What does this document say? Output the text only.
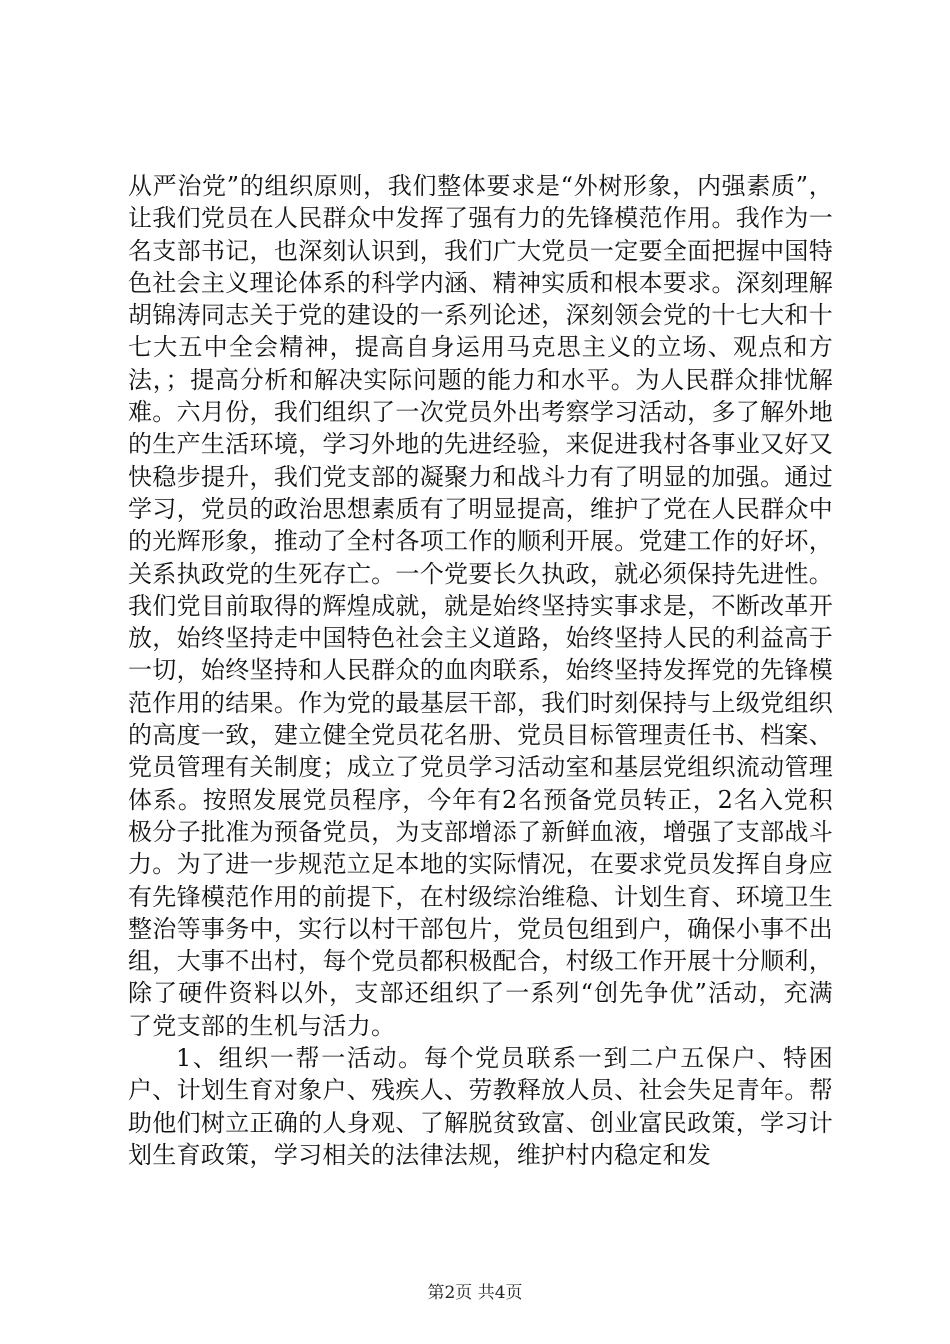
从严治党”的组织原则，我们整体要求是“外树形象，内强素质”，让我们党员在人民群众中发挥了强有力的先锋模范作用。我作为一名支部书记，也深刻认识到，我们广大党员一定要全面把握中国特色社会主义理论体系的科学内涵、精神实质和根本要求。深刻理解胡锦涛同志关于党的建设的一系列论述，深刻领会党的十七大和十七大五中全会精神，提高自身运用马克思主义的立场、观点和方法，；提高分析和解决实际问题的能力和水平。为人民群众排忧解难。六月份，我们组织了一次党员外出考察学习活动，多了解外地的生产生活环境，学习外地的先进经验，来促进我村各事业又好又快稳步提升，我们党支部的凝聚力和战斗力有了明显的加强。通过学习，党员的政治思想素质有了明显提高，维护了党在人民群众中的光辉形象，推动了全村各项工作的顺利开展。党建工作的好坏，关系执政党的生死存亡。一个党要长久执政，就必须保持先进性。我们党目前取得的辉煌成就，就是始终坚持实事求是，不断改革开放，始终坚持走中国特色社会主义道路，始终坚持人民的利益高于一切，始终坚持和人民群众的血肉联系，始终坚持发挥党的先锋模范作用的结果。作为党的最基层干部，我们时刻保持与上级党组织的高度一致，建立健全党员花名册、党员目标管理责任书、档案、党员管理有关制度；成立了党员学习活动室和基层党组织流动管理体系。按照发展党员程序，今年有2名预备党员转正，2名入党积极分子批准为预备党员，为支部增添了新鲜血液，增强了支部战斗力。为了进一步规范立足本地的实际情况，在要求党员发挥自身应有先锋模范作用的前提下，在村级综治维稳、计划生育、环境卫生整治等事务中，实行以村干部包片，党员包组到户，确保小事不出组，大事不出村，每个党员都积极配合，村级工作开展十分顺利，除了硬件资料以外，支部还组织了一系列“创先争优”活动，充满了党支部的生机与活力。

1、组织一帮一活动。每个党员联系一到二户五保户、特困户、计划生育对象户、残疾人、劳教释放人员、社会失足青年。帮助他们树立正确的人身观、了解脱贫致富、创业富民政策，学习计划生育政策，学习相关的法律法规，维护村内稳定和发

第2页 共4页
